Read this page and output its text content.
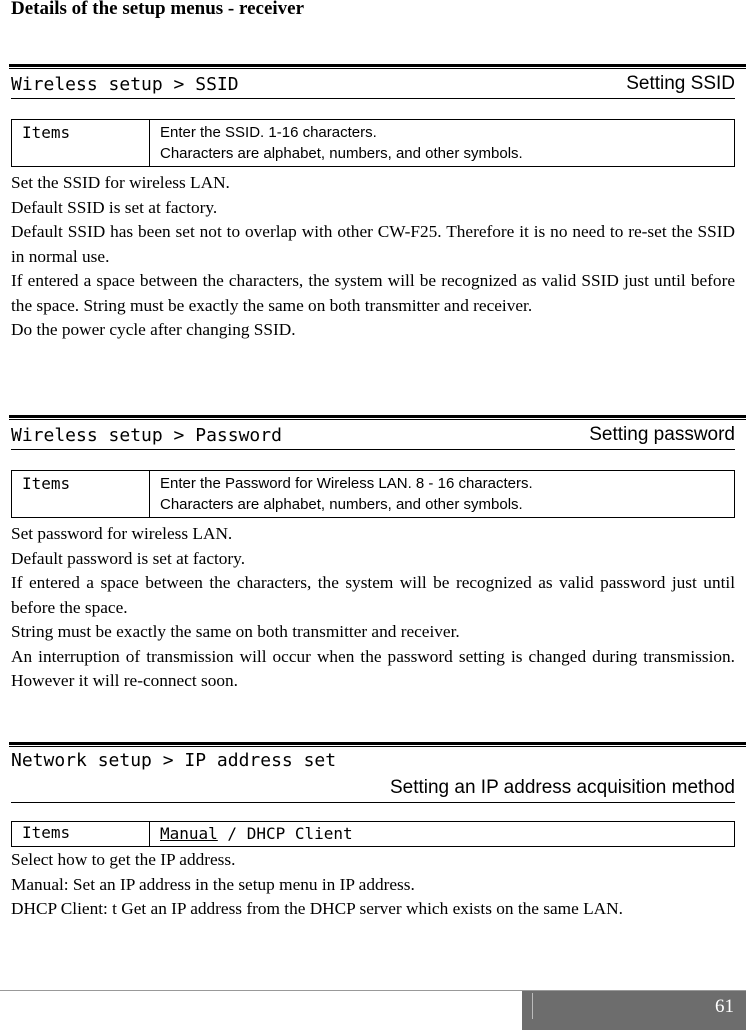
Details of the setup menus - receiver
Wireless setup > SSID	Setting SSID
Items	Enter the SSID. 1-16 characters.
Characters are alphabet, numbers, and other symbols.

Set the SSID for wireless LAN.

Default SSID is set at factory.

Default SSID has been set not to overlap with other CW-F25. Therefore it is no need to re-set the SSID in normal use.

If entered a space between the characters, the system will be recognized as valid SSID just until before the space. String must be exactly the same on both transmitter and receiver.

Do the power cycle after changing SSID.

Wireless setup > Password	Setting password
Items	Enter the Password for Wireless LAN. 8 - 16 characters.
Characters are alphabet, numbers, and other symbols.

Set password for wireless LAN.

Default password is set at factory.

If entered a space between the characters, the system will be recognized as valid password just until before the space.

String must be exactly the same on both transmitter and receiver.

An interruption of transmission will occur when the password setting is changed during transmission. However it will re-connect soon.

Network setup > IP address set
Setting an IP address acquisition method
Items	Manual / DHCP Client

Select how to get the IP address.

Manual: Set an IP address in the setup menu in IP address.

DHCP Client: t Get an IP address from the DHCP server which exists on the same LAN.

61
